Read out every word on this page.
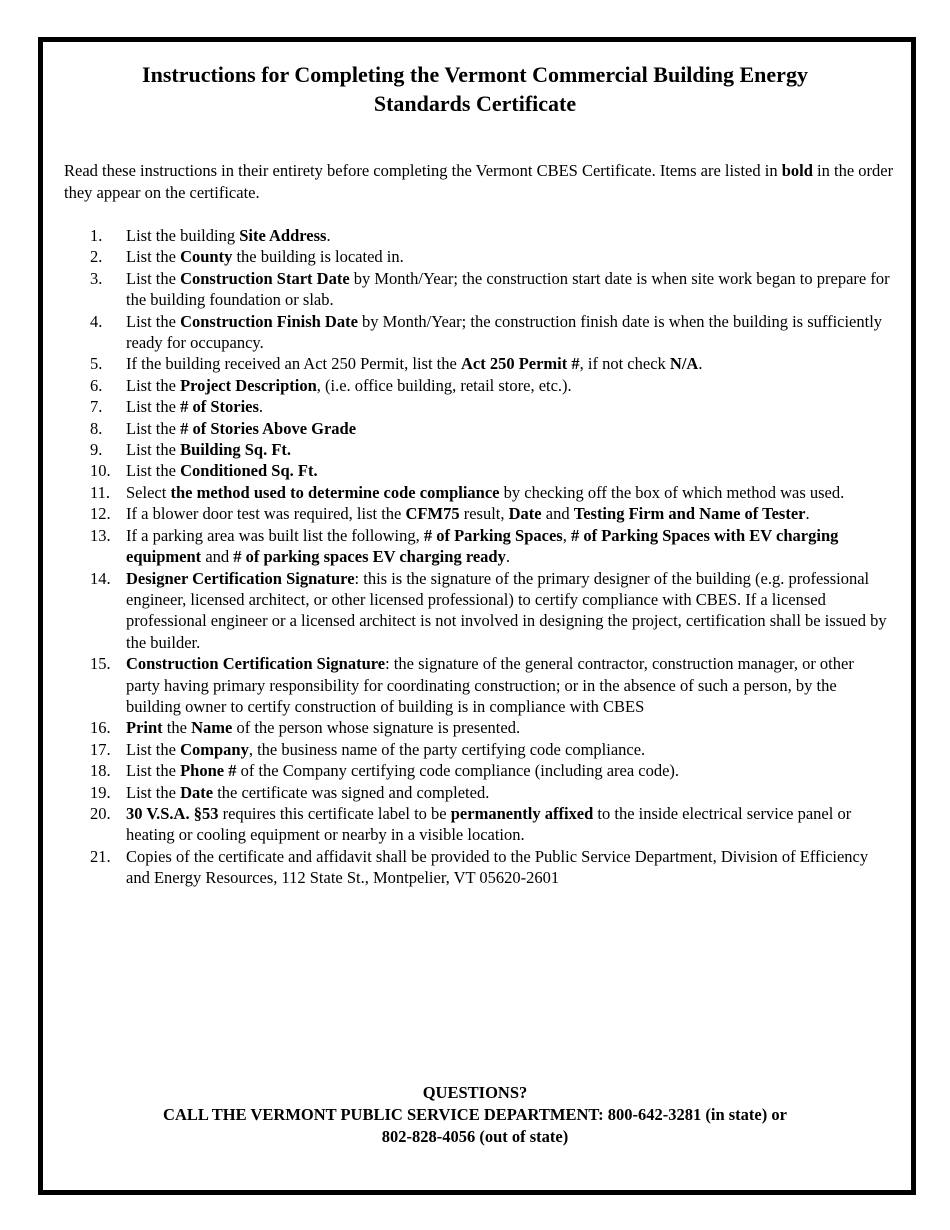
Instructions for Completing the Vermont Commercial Building Energy
Standards Certificate

Read these instructions in their entirety before completing the Vermont CBES Certificate. Items are listed in bold in the order they appear on the certificate.

1. List the building Site Address.
2. List the County the building is located in.
3. List the Construction Start Date by Month/Year; the construction start date is when site work began to prepare for the building foundation or slab.
4. List the Construction Finish Date by Month/Year; the construction finish date is when the building is sufficiently ready for occupancy.
5. If the building received an Act 250 Permit, list the Act 250 Permit #, if not check N/A.
6. List the Project Description, (i.e. office building, retail store, etc.).
7. List the # of Stories.
8. List the # of Stories Above Grade
9. List the Building Sq. Ft.
10. List the Conditioned Sq. Ft.
11. Select the method used to determine code compliance by checking off the box of which method was used.
12. If a blower door test was required, list the CFM75 result, Date and Testing Firm and Name of Tester.
13. If a parking area was built list the following, # of Parking Spaces, # of Parking Spaces with EV charging equipment and # of parking spaces EV charging ready.
14. Designer Certification Signature: this is the signature of the primary designer of the building (e.g. professional engineer, licensed architect, or other licensed professional) to certify compliance with CBES. If a licensed professional engineer or a licensed architect is not involved in designing the project, certification shall be issued by the builder.
15. Construction Certification Signature: the signature of the general contractor, construction manager, or other party having primary responsibility for coordinating construction; or in the absence of such a person, by the building owner to certify construction of building is in compliance with CBES
16. Print the Name of the person whose signature is presented.
17. List the Company, the business name of the party certifying code compliance.
18. List the Phone # of the Company certifying code compliance (including area code).
19. List the Date the certificate was signed and completed.
20. 30 V.S.A. §53 requires this certificate label to be permanently affixed to the inside electrical service panel or heating or cooling equipment or nearby in a visible location.
21. Copies of the certificate and affidavit shall be provided to the Public Service Department, Division of Efficiency and Energy Resources, 112 State St., Montpelier, VT 05620-2601
QUESTIONS?
CALL THE VERMONT PUBLIC SERVICE DEPARTMENT: 800-642-3281 (in state) or
802-828-4056 (out of state)
